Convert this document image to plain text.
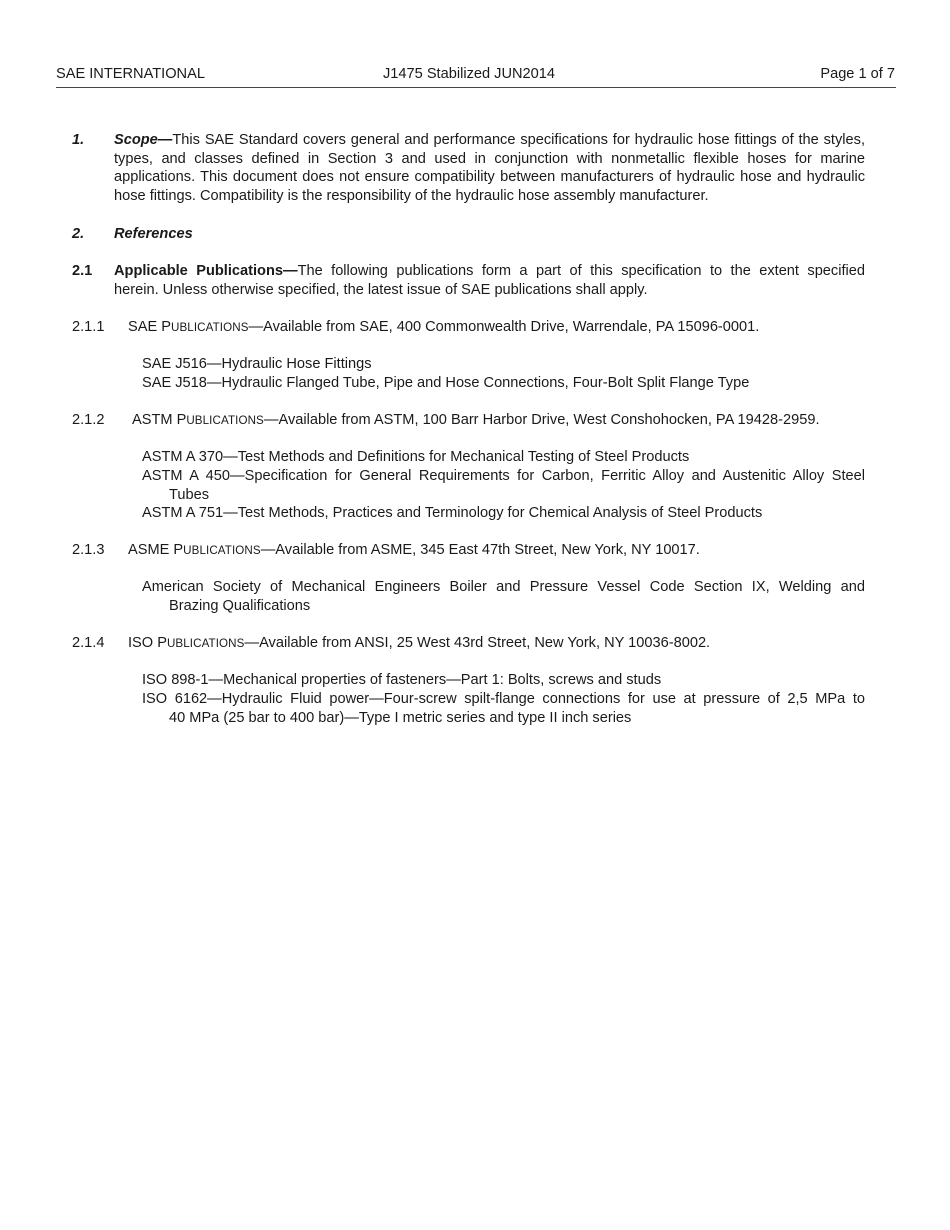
SAE INTERNATIONAL	J1475 Stabilized JUN2014	Page 1 of 7
1. Scope—This SAE Standard covers general and performance specifications for hydraulic hose fittings of the styles, types, and classes defined in Section 3 and used in conjunction with nonmetallic flexible hoses for marine applications. This document does not ensure compatibility between manufacturers of hydraulic hose and hydraulic hose fittings. Compatibility is the responsibility of the hydraulic hose assembly manufacturer.
2. References
2.1 Applicable Publications—The following publications form a part of this specification to the extent specified
herein. Unless otherwise specified, the latest issue of SAE publications shall apply.
2.1.1 SAE PUBLICATIONS—Available from SAE, 400 Commonwealth Drive, Warrendale, PA 15096-0001.
SAE J516—Hydraulic Hose Fittings
SAE J518—Hydraulic Flanged Tube, Pipe and Hose Connections, Four-Bolt Split Flange Type
2.1.2 ASTM PUBLICATIONS—Available from ASTM, 100 Barr Harbor Drive, West Conshohocken, PA 19428-2959.
ASTM A 370—Test Methods and Definitions for Mechanical Testing of Steel Products
ASTM A 450—Specification for General Requirements for Carbon, Ferritic Alloy and Austenitic Alloy Steel
Tubes
ASTM A 751—Test Methods, Practices and Terminology for Chemical Analysis of Steel Products
2.1.3 ASME PUBLICATIONS—Available from ASME, 345 East 47th Street, New York, NY 10017.
American Society of Mechanical Engineers Boiler and Pressure Vessel Code Section IX, Welding and
Brazing Qualifications
2.1.4 ISO PUBLICATIONS—Available from ANSI, 25 West 43rd Street, New York, NY 10036-8002.
ISO 898-1—Mechanical properties of fasteners—Part 1: Bolts, screws and studs
ISO 6162—Hydraulic Fluid power—Four-screw spilt-flange connections for use at pressure of 2,5 MPa to
40 MPa (25 bar to 400 bar)—Type I metric series and type II inch series
